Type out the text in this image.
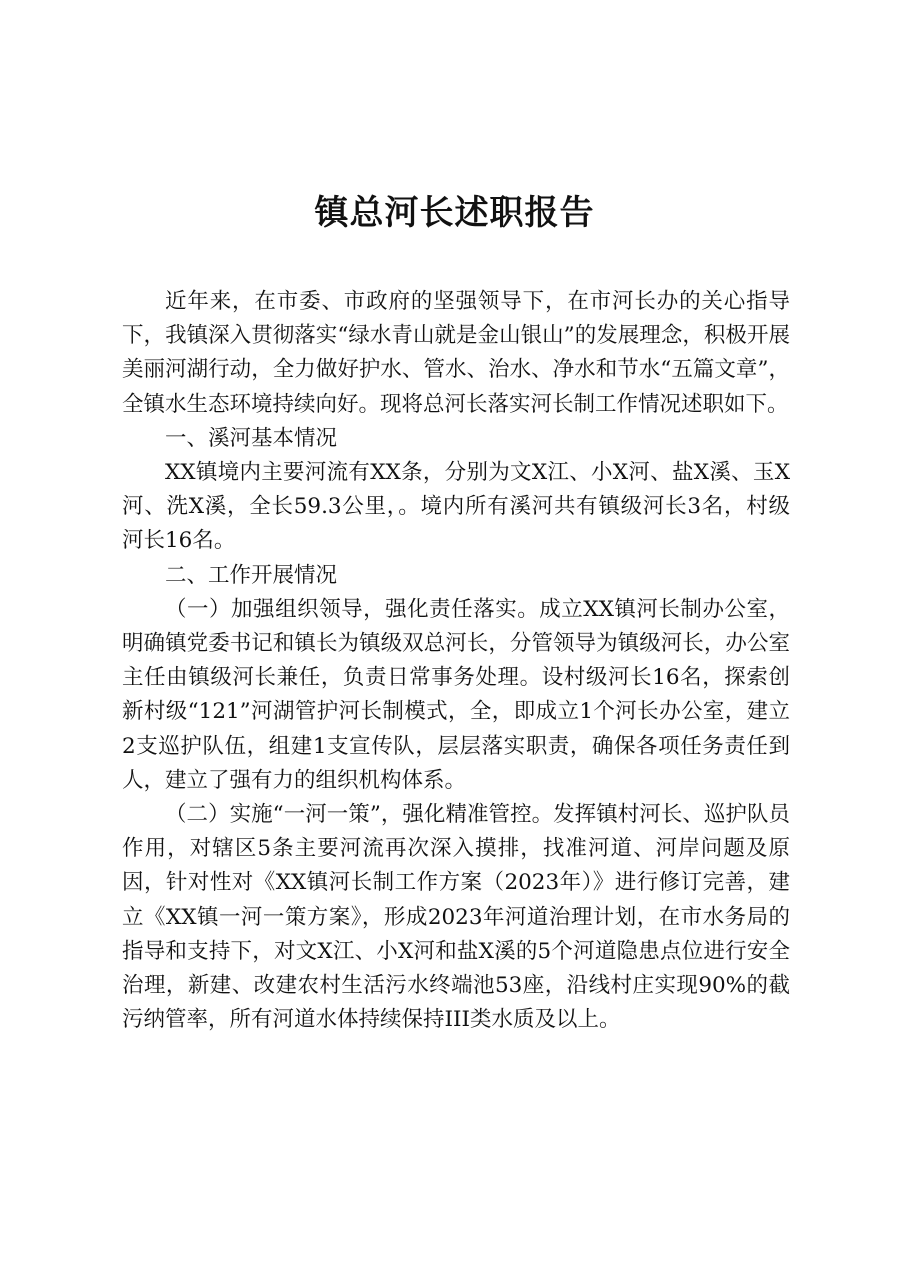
镇总河长述职报告

近年来，在市委、市政府的坚强领导下，在市河长办的关心指导下，我镇深入贯彻落实“绿水青山就是金山银山”的发展理念，积极开展美丽河湖行动，全力做好护水、管水、治水、净水和节水“五篇文章”，全镇水生态环境持续向好。现将总河长落实河长制工作情况述职如下。

一、溪河基本情况

XX镇境内主要河流有XX条，分别为文X江、小X河、盐X溪、玉X河、洗X溪，全长59.3公里，。境内所有溪河共有镇级河长3名，村级河长16名。

二、工作开展情况

（一）加强组织领导，强化责任落实。成立XX镇河长制办公室，明确镇党委书记和镇长为镇级双总河长，分管领导为镇级河长，办公室主任由镇级河长兼任，负责日常事务处理。设村级河长16名，探索创新村级“121”河湖管护河长制模式，全，即成立1个河长办公室，建立2支巡护队伍，组建1支宣传队，层层落实职责，确保各项任务责任到人，建立了强有力的组织机构体系。

（二）实施“一河一策”，强化精准管控。发挥镇村河长、巡护队员作用，对辖区5条主要河流再次深入摸排，找准河道、河岸问题及原因，针对性对《XX镇河长制工作方案（2023年）》进行修订完善，建立《XX镇一河一策方案》，形成2023年河道治理计划，在市水务局的指导和支持下，对文X江、小X河和盐X溪的5个河道隐患点位进行安全治理，新建、改建农村生活污水终端池53座，沿线村庄实现90%的截污纳管率，所有河道水体持续保持III类水质及以上。
